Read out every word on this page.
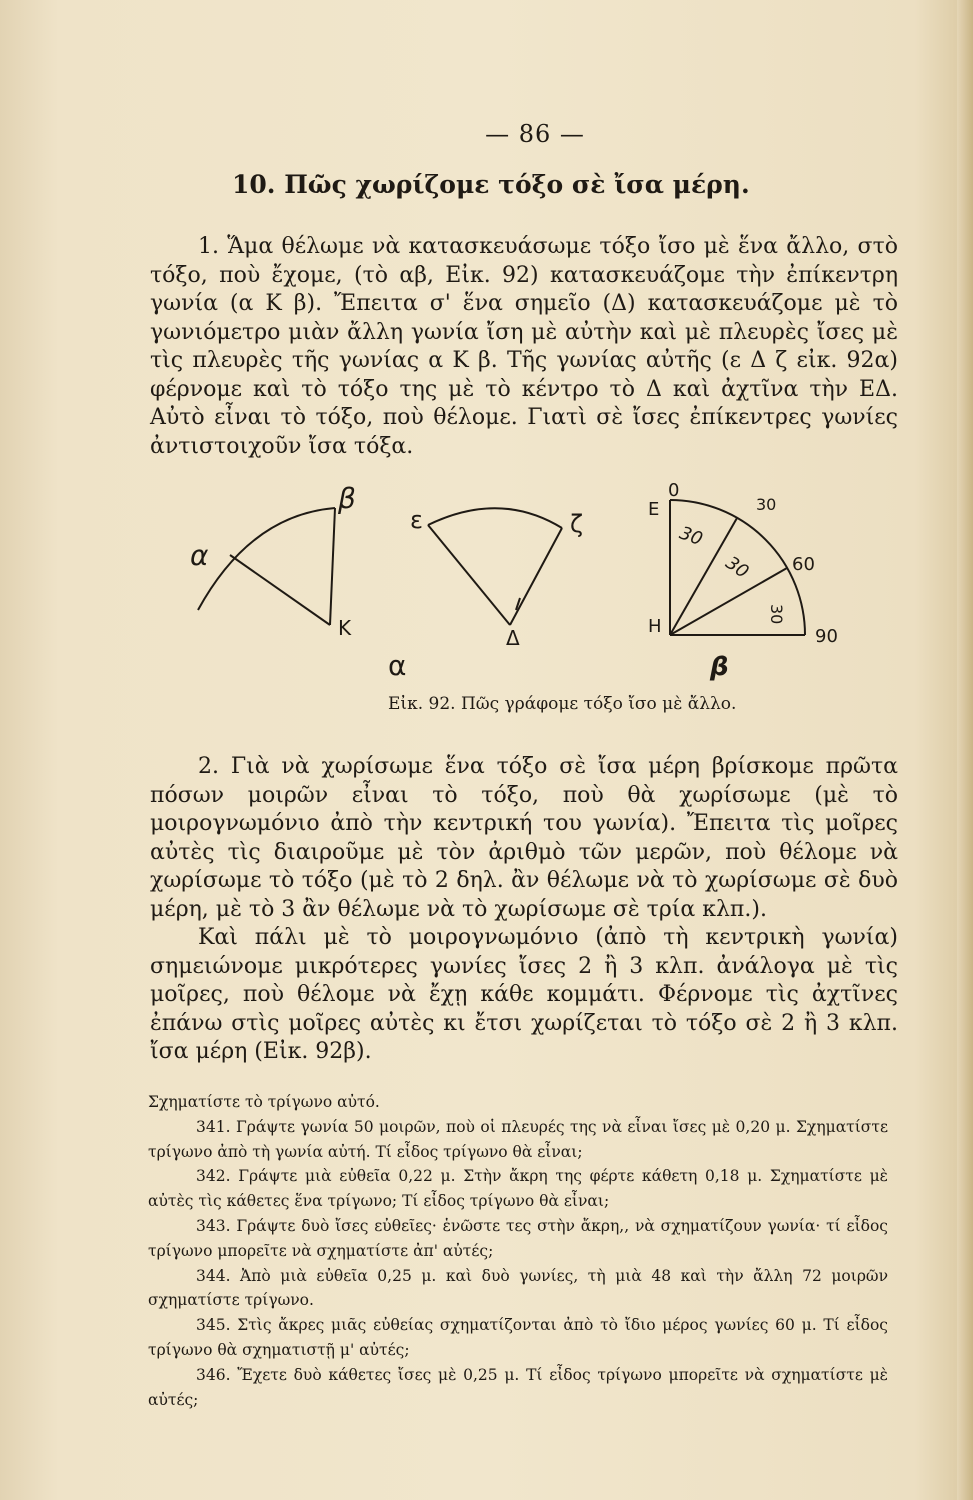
— 86 —
10. Πῶς χωρίζομε τόξο σὲ ἴσα μέρη.

1. Ἅμα θέλωμε νὰ κατασκευάσωμε τόξο ἴσο μὲ ἕνα ἄλλο, στὸ τόξο, ποὺ ἔχομε, (τὸ αβ, Εἰκ. 92) κατασκευάζομε τὴν ἐπίκεντρη γωνία (α Κ β). Ἔπειτα σ' ἕνα σημεῖο (Δ) κατασκευάζομε μὲ τὸ γωνιόμετρο μιὰν ἄλλη γωνία ἴση μὲ αὐτὴν καὶ μὲ πλευρὲς ἴσες μὲ τὶς πλευρὲς τῆς γωνίας α Κ β. Τῆς γωνίας αὐτῆς (ε Δ ζ εἰκ. 92α) φέρνομε καὶ τὸ τόξο της μὲ τὸ κέντρο τὸ Δ καὶ ἀχτῖνα τὴν ΕΔ. Αὐτὸ εἶναι τὸ τόξο, ποὺ θέλομε. Γιατὶ σὲ ἴσες ἐπίκεντρες γωνίες ἀντιστοιχοῦν ἴσα τόξα.

β
α
Κ
α
ε	ζ
Δ
0
Ε	30
60
90
Η
30
30
30
β
Εἰκ. 92. Πῶς γράφομε τόξο ἴσο μὲ ἄλλο.

2. Γιὰ νὰ χωρίσωμε ἕνα τόξο σὲ ἴσα μέρη βρίσκομε πρῶτα πόσων μοιρῶν εἶναι τὸ τόξο, ποὺ θὰ χωρίσωμε (μὲ τὸ μοιρογνωμόνιο ἀπὸ τὴν κεντρική του γωνία). Ἔπειτα τὶς μοῖρες αὐτὲς τὶς διαιροῦμε μὲ τὸν ἀριθμὸ τῶν μερῶν, ποὺ θέλομε νὰ χωρίσωμε τὸ τόξο (μὲ τὸ 2 δηλ. ἂν θέλωμε νὰ τὸ χωρίσωμε σὲ δυὸ μέρη, μὲ τὸ 3 ἂν θέλωμε νὰ τὸ χωρίσωμε σὲ τρία κλπ.).

Καὶ πάλι μὲ τὸ μοιρογνωμόνιο (ἀπὸ τὴ κεντρικὴ γωνία) σημειώνομε μικρότερες γωνίες ἴσες 2 ἢ 3 κλπ. ἀνάλογα μὲ τὶς μοῖρες, ποὺ θέλομε νὰ ἔχῃ κάθε κομμάτι. Φέρνομε τὶς ἀχτῖνες ἐπάνω στὶς μοῖρες αὐτὲς κι ἔτσι χωρίζεται τὸ τόξο σὲ 2 ἢ 3 κλπ. ἴσα μέρη (Εἰκ. 92β).

Σχηματίστε τὸ τρίγωνο αὐτό.

341. Γράψτε γωνία 50 μοιρῶν, ποὺ οἱ πλευρές της νὰ εἶναι ἴσες μὲ 0,20 μ. Σχηματίστε τρίγωνο ἀπὸ τὴ γωνία αὐτή. Τί εἶδος τρίγωνο θὰ εἶναι;

342. Γράψτε μιὰ εὐθεῖα 0,22 μ. Στὴν ἄκρη της φέρτε κάθετη 0,18 μ. Σχηματίστε μὲ αὐτὲς τὶς κάθετες ἕνα τρίγωνο; Τί εἶδος τρίγωνο θὰ εἶναι;

343. Γράψτε δυὸ ἴσες εὐθεῖες· ἑνῶστε τες στὴν ἄκρη,, νὰ σχηματίζουν γωνία· τί εἶδος τρίγωνο μπορεῖτε νὰ σχηματίστε ἀπ' αὐτές;

344. Ἀπὸ μιὰ εὐθεῖα 0,25 μ. καὶ δυὸ γωνίες, τὴ μιὰ 48 καὶ τὴν ἄλλη 72 μοιρῶν σχηματίστε τρίγωνο.

345. Στὶς ἄκρες μιᾶς εὐθείας σχηματίζονται ἀπὸ τὸ ἴδιο μέρος γωνίες 60 μ. Τί εἶδος τρίγωνο θὰ σχηματιστῇ μ' αὐτές;

346. Ἔχετε δυὸ κάθετες ἴσες μὲ 0,25 μ. Τί εἶδος τρίγωνο μπορεῖτε νὰ σχηματίστε μὲ αὐτές;
